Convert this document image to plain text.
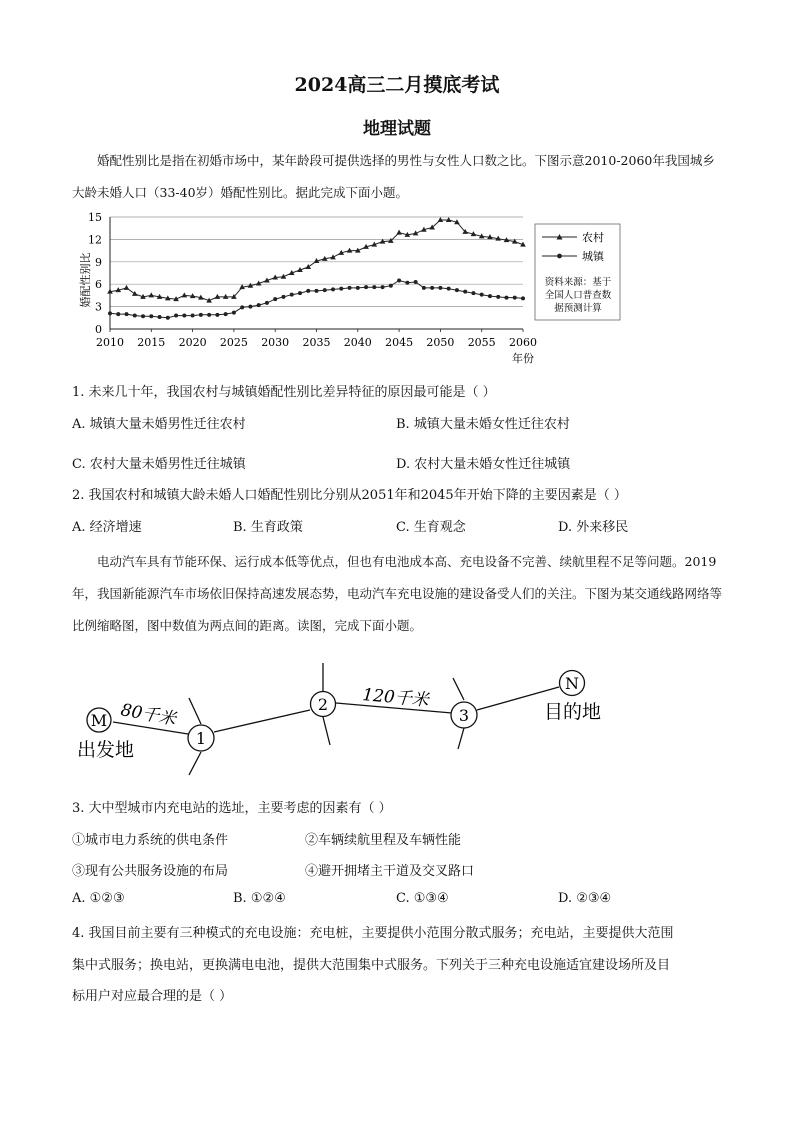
2024高三二月摸底考试
地理试题
婚配性别比是指在初婚市场中，某年龄段可提供选择的男性与女性人口数之比。下图示意2010-2060年我国城乡大龄未婚人口（33-40岁）婚配性别比。据此完成下面小题。
0
3
6
9
12
15
2010 2015 2020 2025 2030 2035 2040 2045 2050 2055 2060
婚配性别比
年份
农村
城镇
资料来源：基于
全国人口普查数
据预测计算
1. 未来几十年，我国农村与城镇婚配性别比差异特征的原因最可能是（ ）
A. 城镇大量未婚男性迁往农村	B. 城镇大量未婚女性迁往农村
C. 农村大量未婚男性迁往城镇	D. 农村大量未婚女性迁往城镇
2. 我国农村和城镇大龄未婚人口婚配性别比分别从2051年和2045年开始下降的主要因素是（ ）
A. 经济增速	B. 生育政策	C. 生育观念	D. 外来移民
电动汽车具有节能环保、运行成本低等优点，但也有电池成本高、充电设备不完善、续航里程不足等问题。2019年，我国新能源汽车市场依旧保持高速发展态势，电动汽车充电设施的建设备受人们的关注。下图为某交通线路网络等比例缩略图，图中数值为两点间的距离。读图，完成下面小题。
M
1
2
3
N
出发地
目的地
80千米
120千米
3. 大中型城市内充电站的选址，主要考虑的因素有（ ）
①城市电力系统的供电条件	②车辆续航里程及车辆性能
③现有公共服务设施的布局	④避开拥堵主干道及交叉路口
A. ①②③	B. ①②④	C. ①③④	D. ②③④
4. 我国目前主要有三种模式的充电设施：充电桩，主要提供小范围分散式服务；充电站，主要提供大范围
集中式服务；换电站，更换满电电池，提供大范围集中式服务。下列关于三种充电设施适宜建设场所及目
标用户对应最合理的是（ ）
